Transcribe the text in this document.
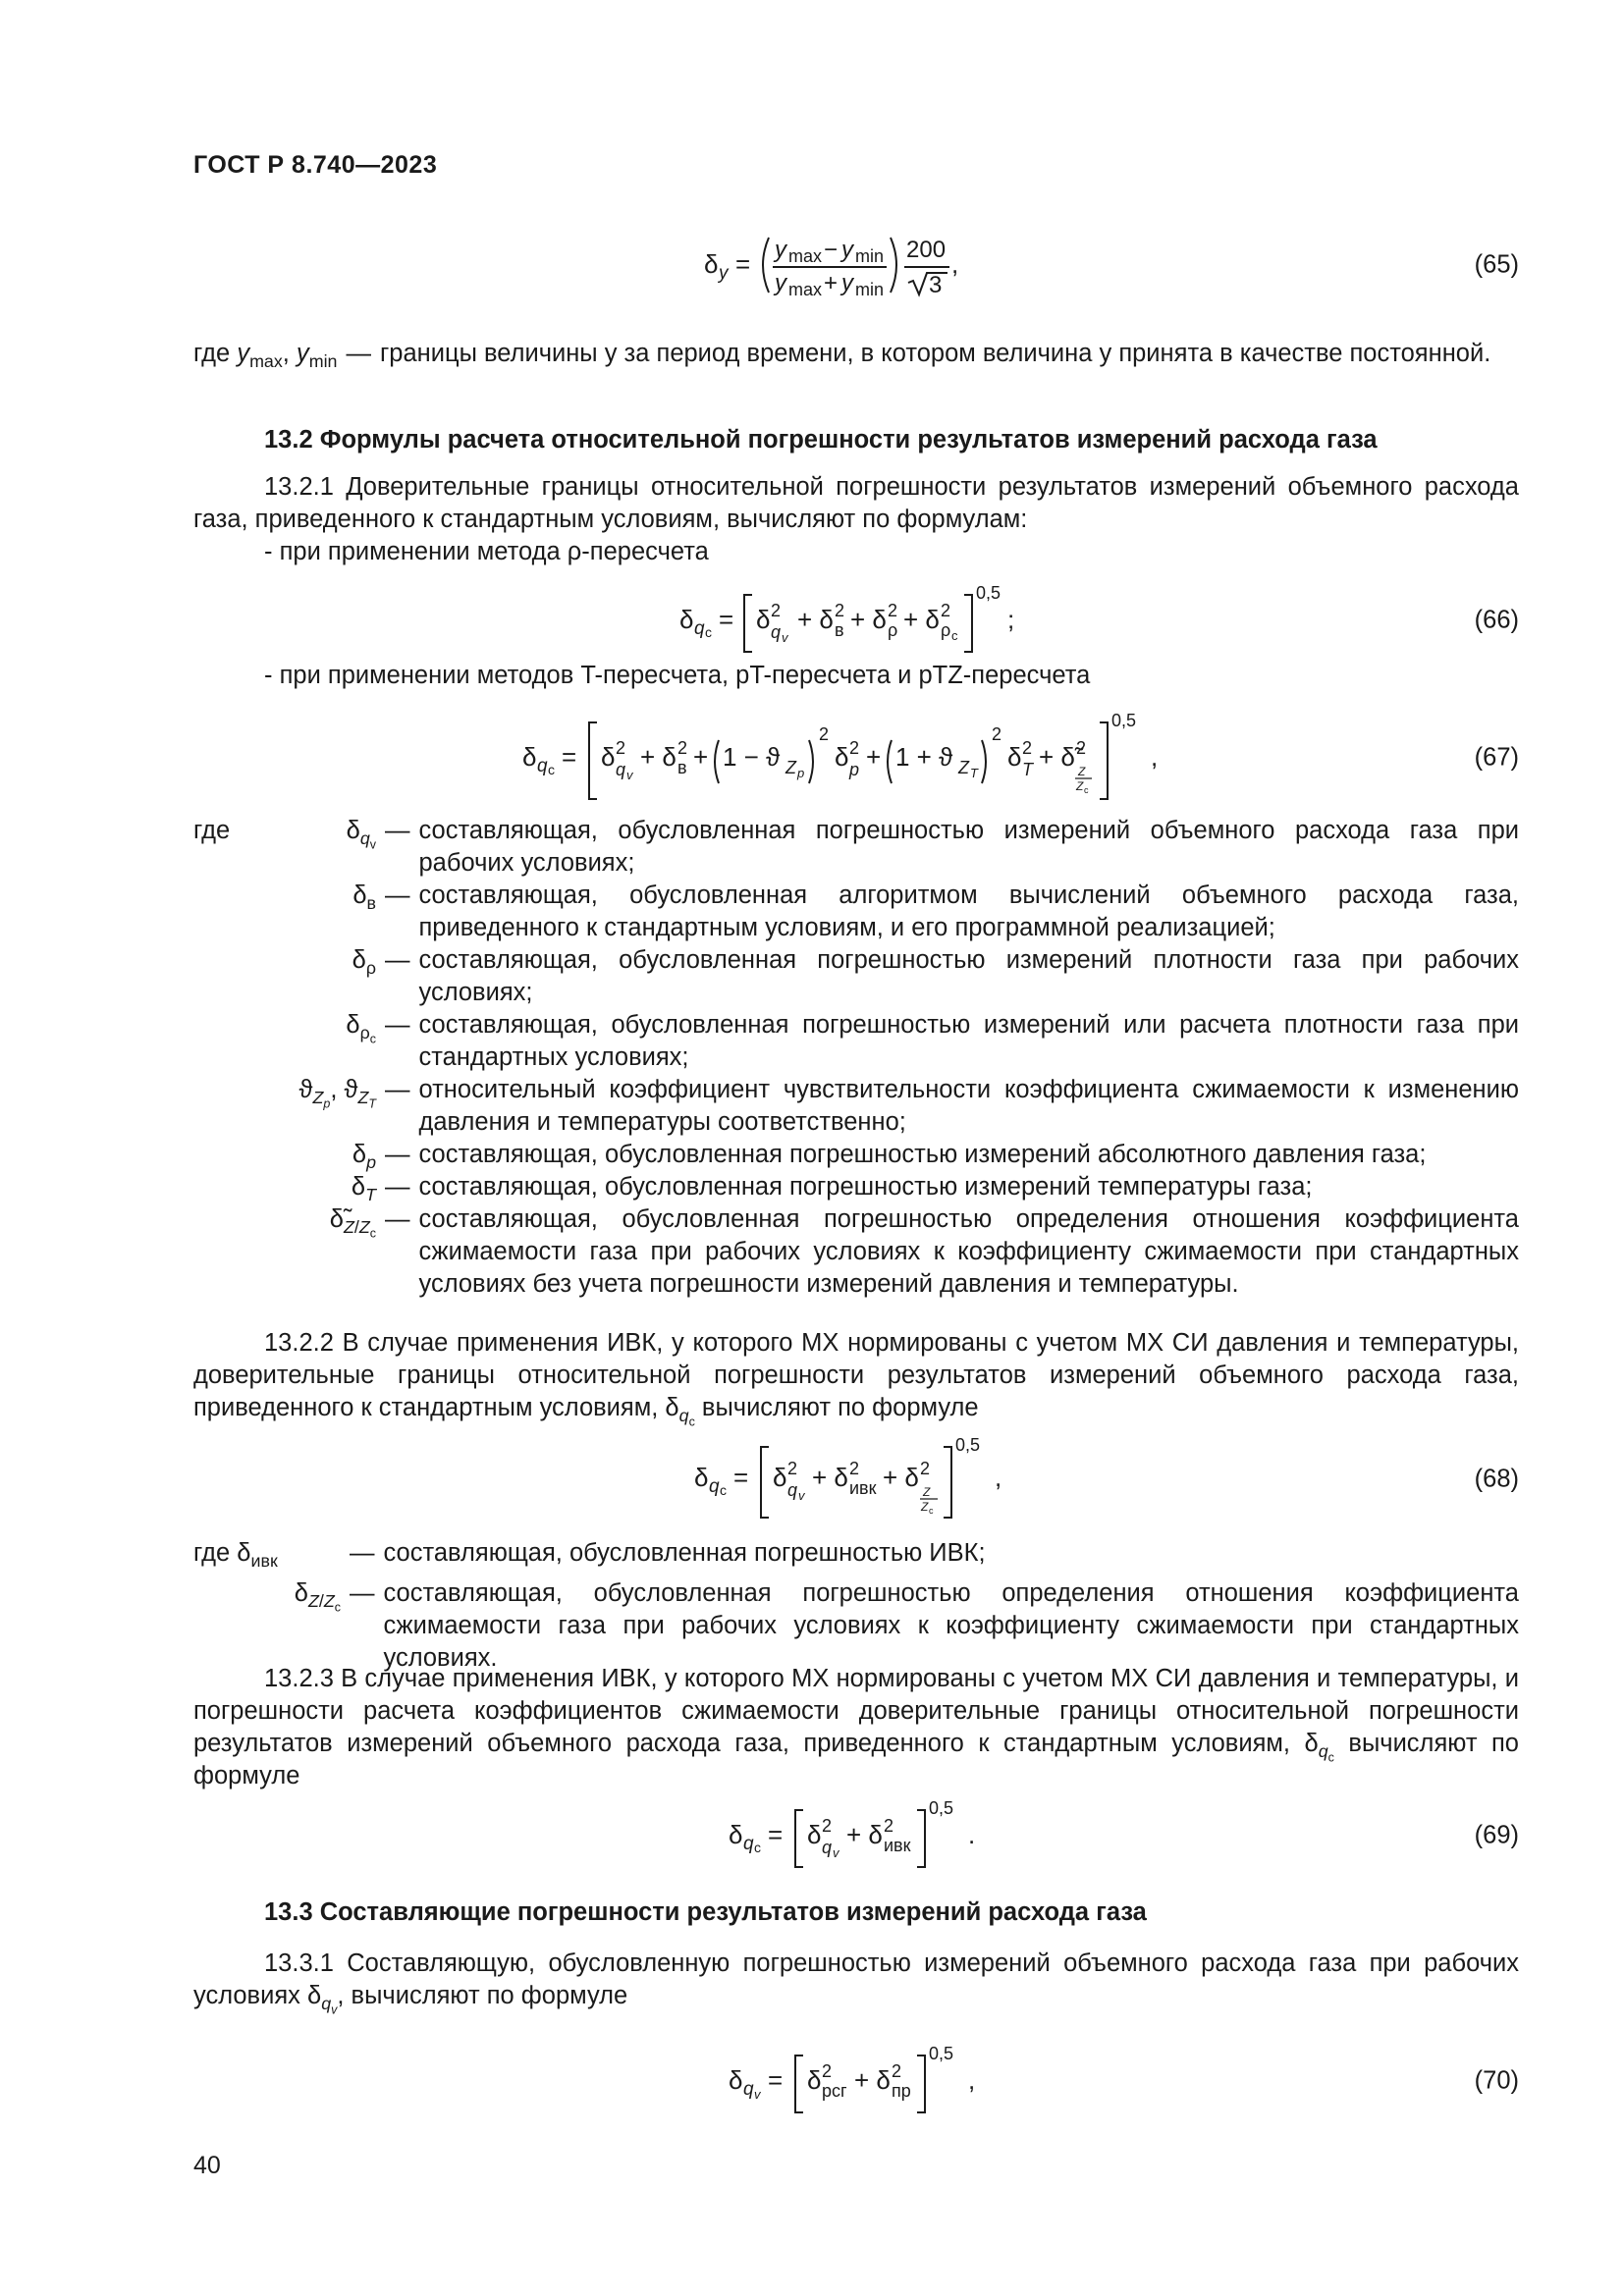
ГОСТ Р 8.740—2023
δ y = y max − y min
y max + y min
200
3
,	(65)
где $y_{max}$, $y_{min}$ — границы величины y за период времени, в котором величина y принята в качестве постоянной.

13.2 Формулы расчета относительной погрешности результатов измерений расхода газа

13.2.1 Доверительные границы относительной погрешности результатов измерений объемного расхода газа, приведенного к стандартным условиям, вычисляют по формулам:

- при применении метода ρ-пересчета

δ q c = δ 2
q v
+ δ 2
в + δ 2
ρ + δ 2
ρ c
0,5
;	(66)

- при применении методов T-пересчета, pT-пересчета и pTZ-пересчета

δ q c = δ 2
q v
+ δ 2
в + 1 − ϑ Z p
2
δ 2
p + 1 + ϑ Z T
2
δ 2
T + δ̃ 2
Z
Z c
0,5
,	(67)
где	$\delta_{q_v}$
— составляющая, обусловленная погрешностью измерений объемного расхода газа при рабочих условиях;
$\delta_в$ — составляющая, обусловленная алгоритмом вычислений объемного расхода газа, приведенного к стандартным условиям, и его программной реализацией;
$\delta_\rho$ — составляющая, обусловленная погрешностью измерений плотности газа при рабочих условиях;
$\delta_{\rho_c}$
— составляющая, обусловленная погрешностью измерений или расчета плотности газа при стандартных условиях;
$ϑ_{Z_p}$, $ϑ_{Z_T}$
— относительный коэффициент чувствительности коэффициента сжимаемости к изменению давления и температуры соответственно;
$\delta_p$ — составляющая, обусловленная погрешностью измерений абсолютного давления газа;
$\delta_T$ — составляющая, обусловленная погрешностью измерений температуры газа;
$\deltã_{Z/Z_c}$
— составляющая, обусловленная погрешностью определения отношения коэффициента сжимаемости газа при рабочих условиях к коэффициенту сжимаемости при стандартных условиях без учета погрешности измерений давления и температуры.

13.2.2 В случае применения ИВК, у которого МХ нормированы с учетом МХ СИ давления и температуры, доверительные границы относительной погрешности результатов измерений объемного расхода газа, приведенного к стандартным условиям, $\delta_{q_c}$ вычисляют по формуле

δ q c = δ 2
q v
+ δ 2
ивк + δ 2
Z
Z c
0,5
,	(68)
где $\delta_{ивк}$	— составляющая, обусловленная погрешностью ИВК;
$\delta_{Z/Z_c}$
— составляющая, обусловленная погрешностью определения отношения коэффициента сжимаемости газа при рабочих условиях к коэффициенту сжимаемости при стандартных условиях.

13.2.3 В случае применения ИВК, у которого МХ нормированы с учетом МХ СИ давления и температуры, и погрешности расчета коэффициентов сжимаемости доверительные границы относительной погрешности результатов измерений объемного расхода газа, приведенного к стандартным условиям, $\delta_{q_c}$ вычисляют по формуле

δ q c = δ 2
q v
+ δ 2
ивк
0,5
.	(69)

13.3 Составляющие погрешности результатов измерений расхода газа

13.3.1 Составляющую, обусловленную погрешностью измерений объемного расхода газа при рабочих условиях $\delta_{q_v}$, вычисляют по формуле

δ q v = δ 2
рсг + δ 2
пр
0,5
,	(70)
40
